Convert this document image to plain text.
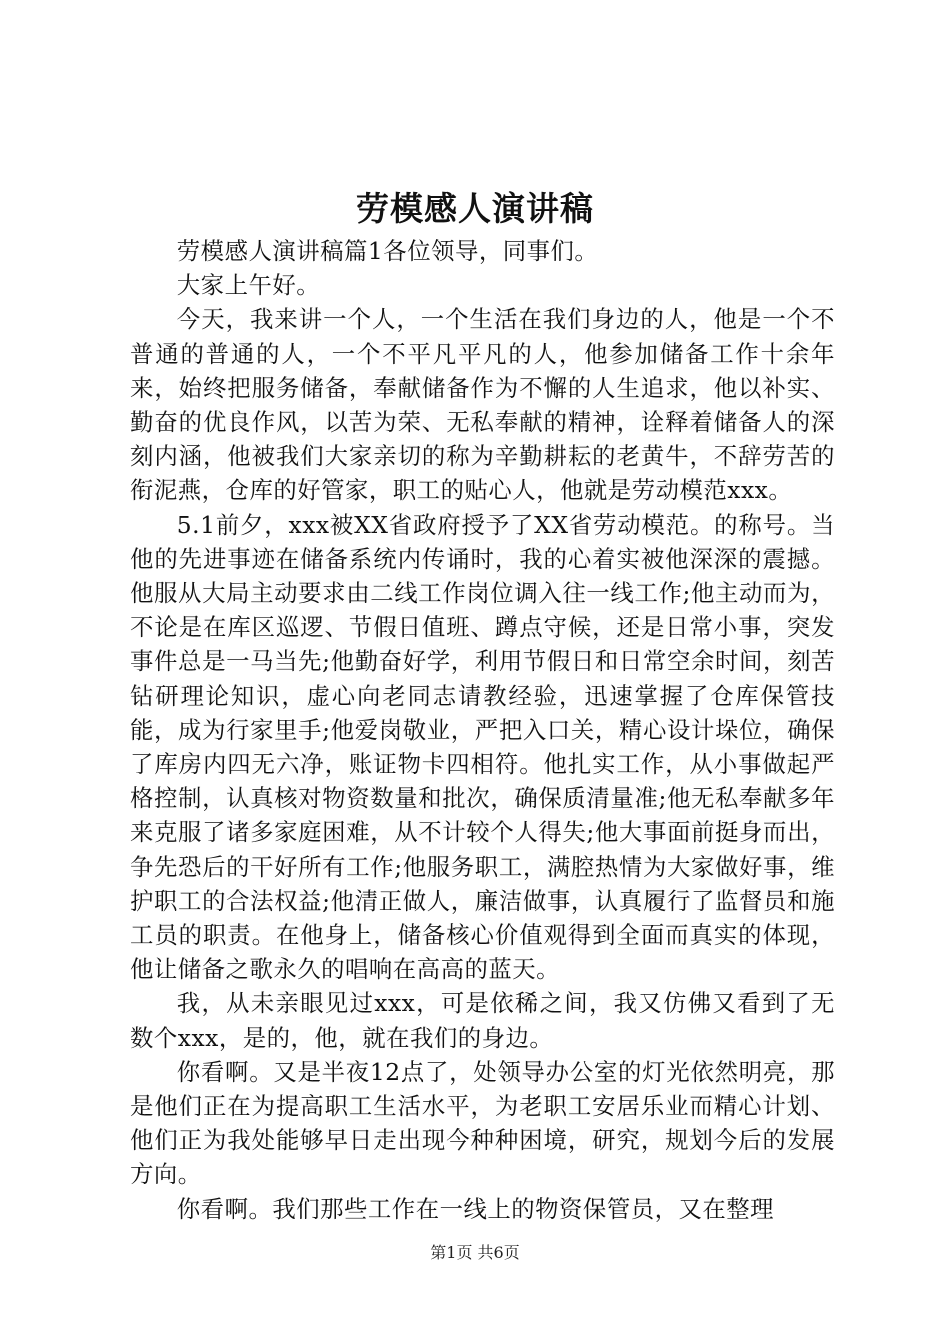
劳模感人演讲稿

劳模感人演讲稿篇1各位领导，同事们。

大家上午好。

今天，我来讲一个人，一个生活在我们身边的人，他是一个不普通的普通的人，一个不平凡平凡的人，他参加储备工作十余年来，始终把服务储备，奉献储备作为不懈的人生追求，他以补实、勤奋的优良作风，以苦为荣、无私奉献的精神，诠释着储备人的深刻内涵，他被我们大家亲切的称为辛勤耕耘的老黄牛，不辞劳苦的衔泥燕，仓库的好管家，职工的贴心人，他就是劳动模范xxx。

5.1前夕，xxx被XX省政府授予了XX省劳动模范。的称号。当他的先进事迹在储备系统内传诵时，我的心着实被他深深的震撼。他服从大局主动要求由二线工作岗位调入往一线工作;他主动而为，不论是在库区巡逻、节假日值班、蹲点守候，还是日常小事，突发事件总是一马当先;他勤奋好学，利用节假日和日常空余时间，刻苦钻研理论知识，虚心向老同志请教经验，迅速掌握了仓库保管技能，成为行家里手;他爱岗敬业，严把入口关，精心设计垛位，确保了库房内四无六净，账证物卡四相符。他扎实工作，从小事做起严格控制，认真核对物资数量和批次，确保质清量准;他无私奉献多年来克服了诸多家庭困难，从不计较个人得失;他大事面前挺身而出，争先恐后的干好所有工作;他服务职工，满腔热情为大家做好事，维护职工的合法权益;他清正做人，廉洁做事，认真履行了监督员和施工员的职责。在他身上，储备核心价值观得到全面而真实的体现，他让储备之歌永久的唱响在高高的蓝天。

我，从未亲眼见过xxx，可是依稀之间，我又仿佛又看到了无数个xxx，是的，他，就在我们的身边。

你看啊。又是半夜12点了，处领导办公室的灯光依然明亮，那是他们正在为提高职工生活水平，为老职工安居乐业而精心计划、他们正为我处能够早日走出现今种种困境，研究，规划今后的发展方向。

你看啊。我们那些工作在一线上的物资保管员，又在整理

第1页 共6页
